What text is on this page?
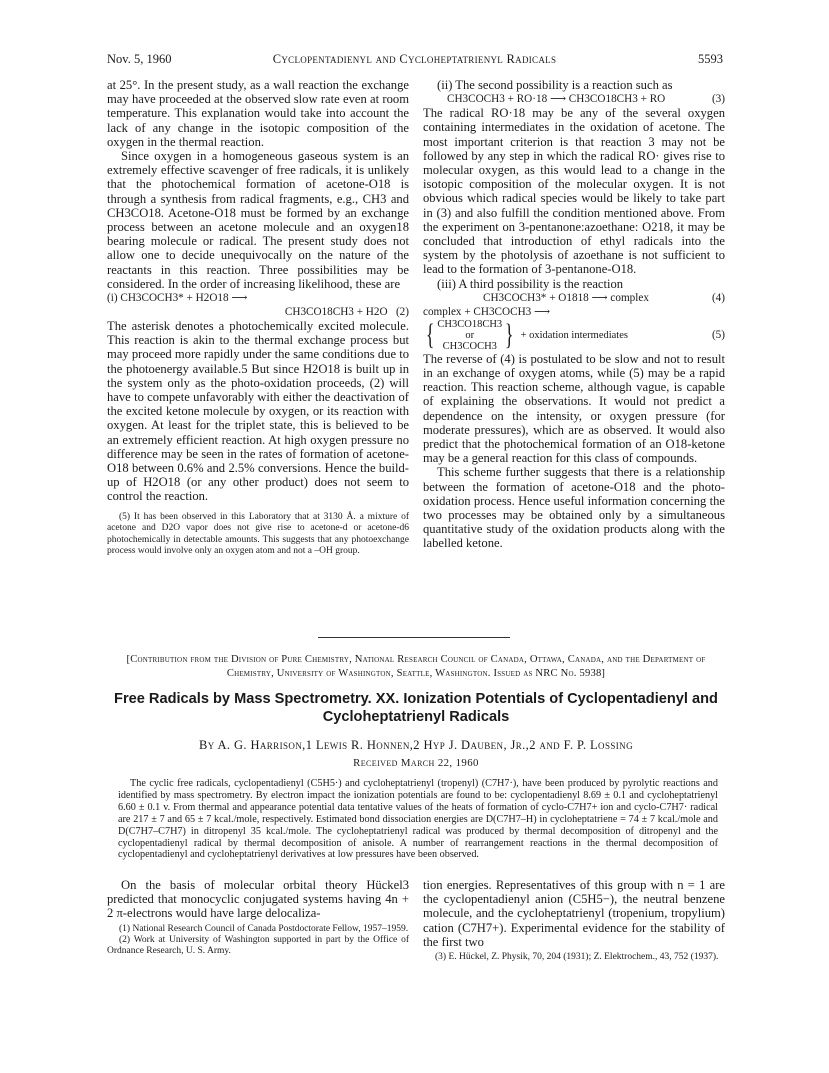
Nov. 5, 1960	Cyclopentadienyl and Cycloheptatrienyl Radicals	5593

at 25°. In the present study, as a wall reaction the exchange may have proceeded at the observed slow rate even at room temperature. This explanation would take into account the lack of any change in the isotopic composition of the oxygen in the thermal reaction.

Since oxygen in a homogeneous gaseous system is an extremely effective scavenger of free radicals, it is unlikely that the photochemical formation of acetone-O18 is through a synthesis from radical fragments, e.g., CH3 and CH3CO18. Acetone-O18 must be formed by an exchange process between an acetone molecule and an oxygen18 bearing molecule or radical. The present study does not allow one to decide unequivocally on the nature of the reactants in this reaction. Three possibilities may be considered. In the order of increasing likelihood, these are

(i) CH3COCH3* + H2O18 ⟶
CH3CO18CH3 + H2O (2)

The asterisk denotes a photochemically excited molecule. This reaction is akin to the thermal exchange process but may proceed more rapidly under the same conditions due to the photoenergy available.5 But since H2O18 is built up in the system only as the photo-oxidation proceeds, (2) will have to compete unfavorably with either the deactivation of the excited ketone molecule by oxygen, or its reaction with oxygen. At least for the triplet state, this is believed to be an extremely efficient reaction. At high oxygen pressure no difference may be seen in the rates of formation of acetone-O18 between 0.6% and 2.5% conversions. Hence the build-up of H2O18 (or any other product) does not seem to control the reaction.

(5) It has been observed in this Laboratory that at 3130 Å. a mixture of acetone and D2O vapor does not give rise to acetone-d or acetone-d6 photochemically in detectable amounts. This suggests that any photoexchange process would involve only an oxygen atom and not a –OH group.

(ii) The second possibility is a reaction such as

CH3COCH3 + RO·18 ⟶ CH3CO18CH3 + RO	(3)

The radical RO·18 may be any of the several oxygen containing intermediates in the oxidation of acetone. The most important criterion is that reaction 3 may not be followed by any step in which the radical RO· gives rise to molecular oxygen, as this would lead to a change in the isotopic composition of the molecular oxygen. It is not obvious which radical species would be likely to take part in (3) and also fulfill the condition mentioned above. From the experiment on 3-pentanone:azoethane: O218, it may be concluded that introduction of ethyl radicals into the system by the photolysis of azoethane is not sufficient to lead to the formation of 3-pentanone-O18.

(iii) A third possibility is the reaction

CH3COCH3* + O1818 ⟶ complex	(4)
complex + CH3COCH3 ⟶
{ CH3CO18CH3
or
CH3COCH3 } + oxidation intermediates	(5)

The reverse of (4) is postulated to be slow and not to result in an exchange of oxygen atoms, while (5) may be a rapid reaction. This reaction scheme, although vague, is capable of explaining the observations. It would not predict a dependence on the intensity, or oxygen pressure (for moderate pressures), which are as observed. It would also predict that the photochemical formation of an O18-ketone may be a general reaction for this class of compounds.

This scheme further suggests that there is a relationship between the formation of acetone-O18 and the photo-oxidation process. Hence useful information concerning the two processes may be obtained only by a simultaneous quantitative study of the oxidation products along with the labelled ketone.

[Contribution from the Division of Pure Chemistry, National Research Council of Canada, Ottawa, Canada, and the Department of Chemistry, University of Washington, Seattle, Washington. Issued as NRC No. 5938]
Free Radicals by Mass Spectrometry. XX. Ionization Potentials of Cyclopentadienyl and Cycloheptatrienyl Radicals
By A. G. Harrison,1 Lewis R. Honnen,2 Hyp J. Dauben, Jr.,2 and F. P. Lossing
Received March 22, 1960

The cyclic free radicals, cyclopentadienyl (C5H5·) and cycloheptatrienyl (tropenyl) (C7H7·), have been produced by pyrolytic reactions and identified by mass spectrometry. By electron impact the ionization potentials are found to be: cyclopentadienyl 8.69 ± 0.1 and cycloheptatrienyl 6.60 ± 0.1 v. From thermal and appearance potential data tentative values of the heats of formation of cyclo-C7H7+ ion and cyclo-C7H7· radical are 217 ± 7 and 65 ± 7 kcal./mole, respectively. Estimated bond dissociation energies are D(C7H7–H) in cycloheptatriene = 74 ± 7 kcal./mole and D(C7H7–C7H7) in ditropenyl 35 kcal./mole. The cycloheptatrienyl radical was produced by thermal decomposition of ditropenyl and the cyclopentadienyl radical by thermal decomposition of anisole. A number of rearrangement reactions in the thermal decomposition of cyclopentadienyl and cycloheptatrienyl derivatives at low pressures have been observed.

On the basis of molecular orbital theory Hückel3 predicted that monocyclic conjugated systems having 4n + 2 π-electrons would have large delocaliza-

(1) National Research Council of Canada Postdoctorate Fellow, 1957–1959.

(2) Work at University of Washington supported in part by the Office of Ordnance Research, U. S. Army.

tion energies. Representatives of this group with n = 1 are the cyclopentadienyl anion (C5H5−), the neutral benzene molecule, and the cycloheptatrienyl (tropenium, tropylium) cation (C7H7+). Experimental evidence for the stability of the first two

(3) E. Hückel, Z. Physik, 70, 204 (1931); Z. Elektrochem., 43, 752 (1937).
